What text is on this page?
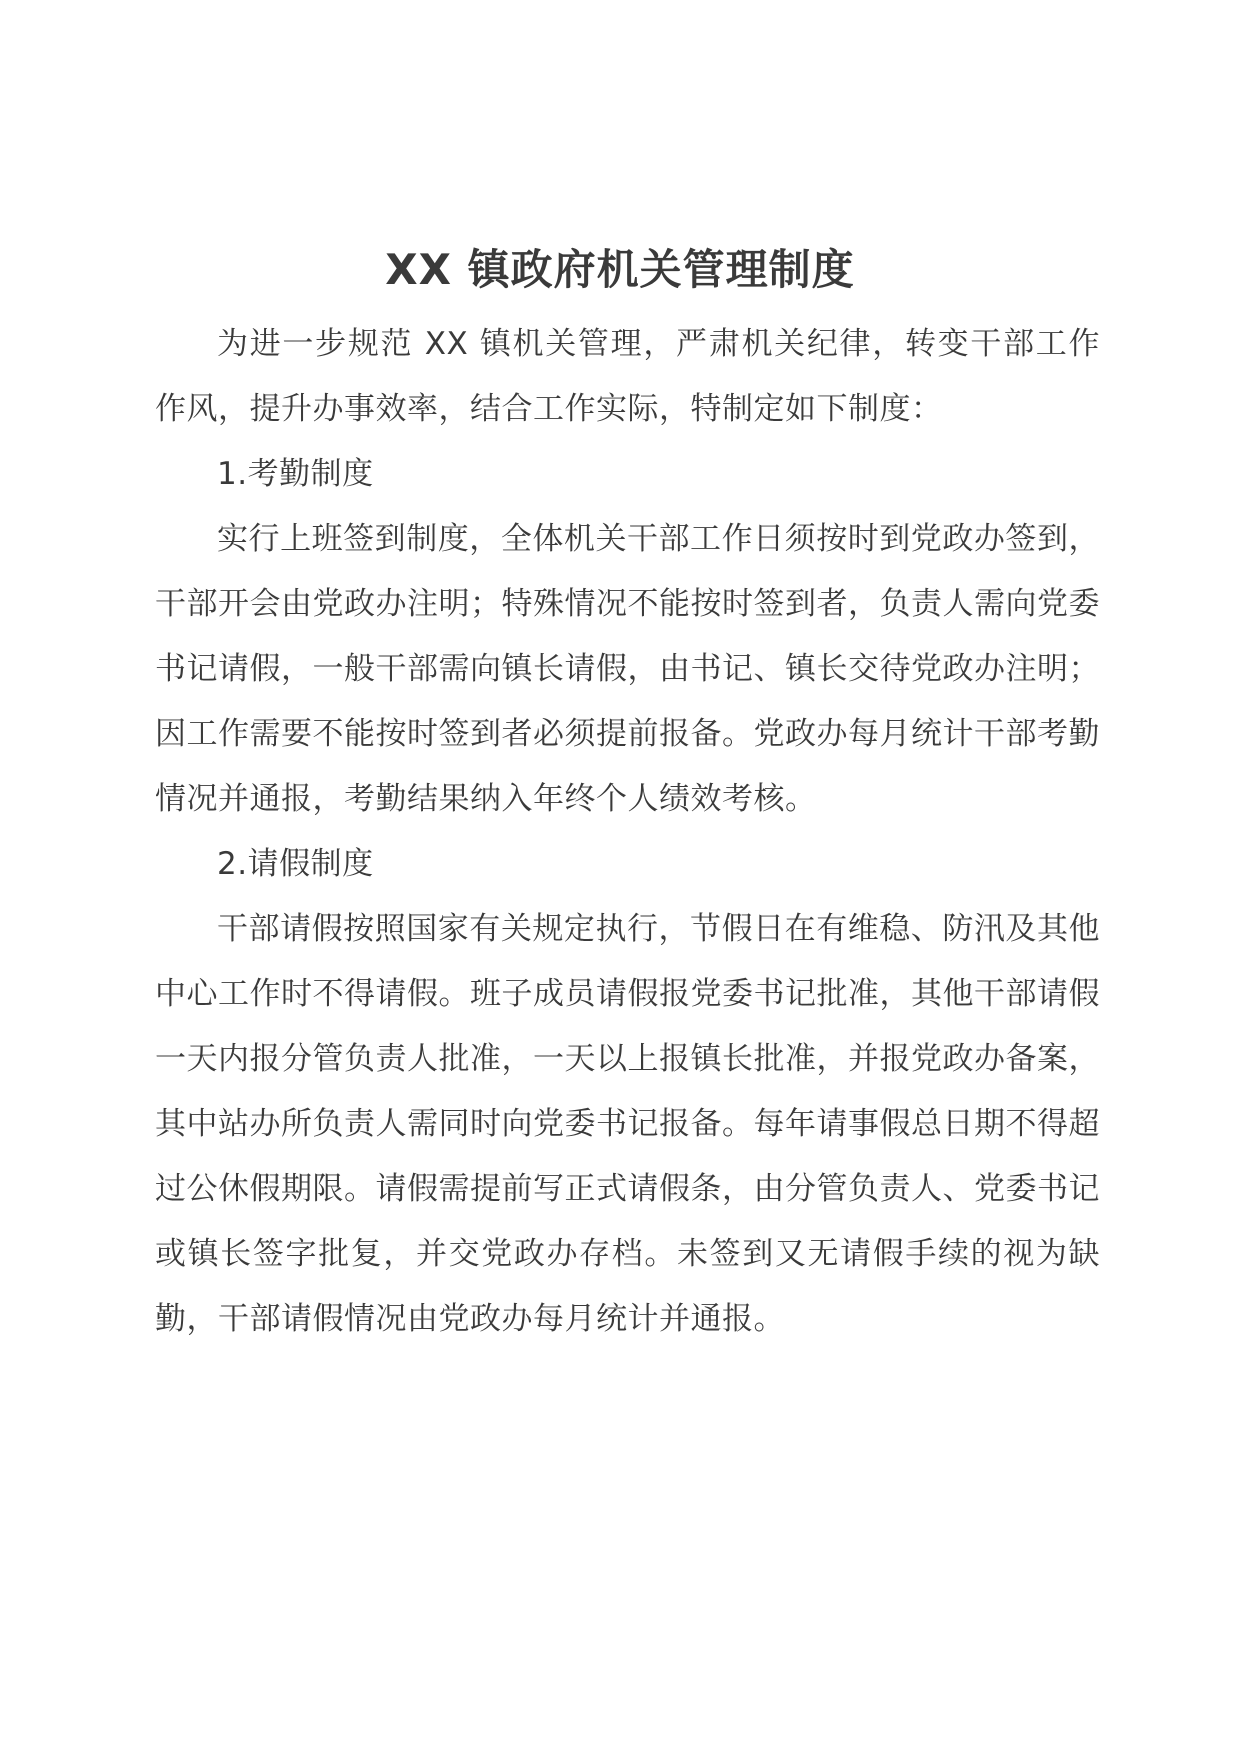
XX 镇政府机关管理制度

为进一步规范 XX 镇机关管理，严肃机关纪律，转变干部工作作风，提升办事效率，结合工作实际，特制定如下制度：

1.考勤制度

实行上班签到制度，全体机关干部工作日须按时到党政办签到，干部开会由党政办注明；特殊情况不能按时签到者，负责人需向党委书记请假，一般干部需向镇长请假，由书记、镇长交待党政办注明；因工作需要不能按时签到者必须提前报备。党政办每月统计干部考勤情况并通报，考勤结果纳入年终个人绩效考核。

2.请假制度

干部请假按照国家有关规定执行，节假日在有维稳、防汛及其他中心工作时不得请假。班子成员请假报党委书记批准，其他干部请假一天内报分管负责人批准，一天以上报镇长批准，并报党政办备案，其中站办所负责人需同时向党委书记报备。每年请事假总日期不得超过公休假期限。请假需提前写正式请假条，由分管负责人、党委书记或镇长签字批复，并交党政办存档。未签到又无请假手续的视为缺勤，干部请假情况由党政办每月统计并通报。
